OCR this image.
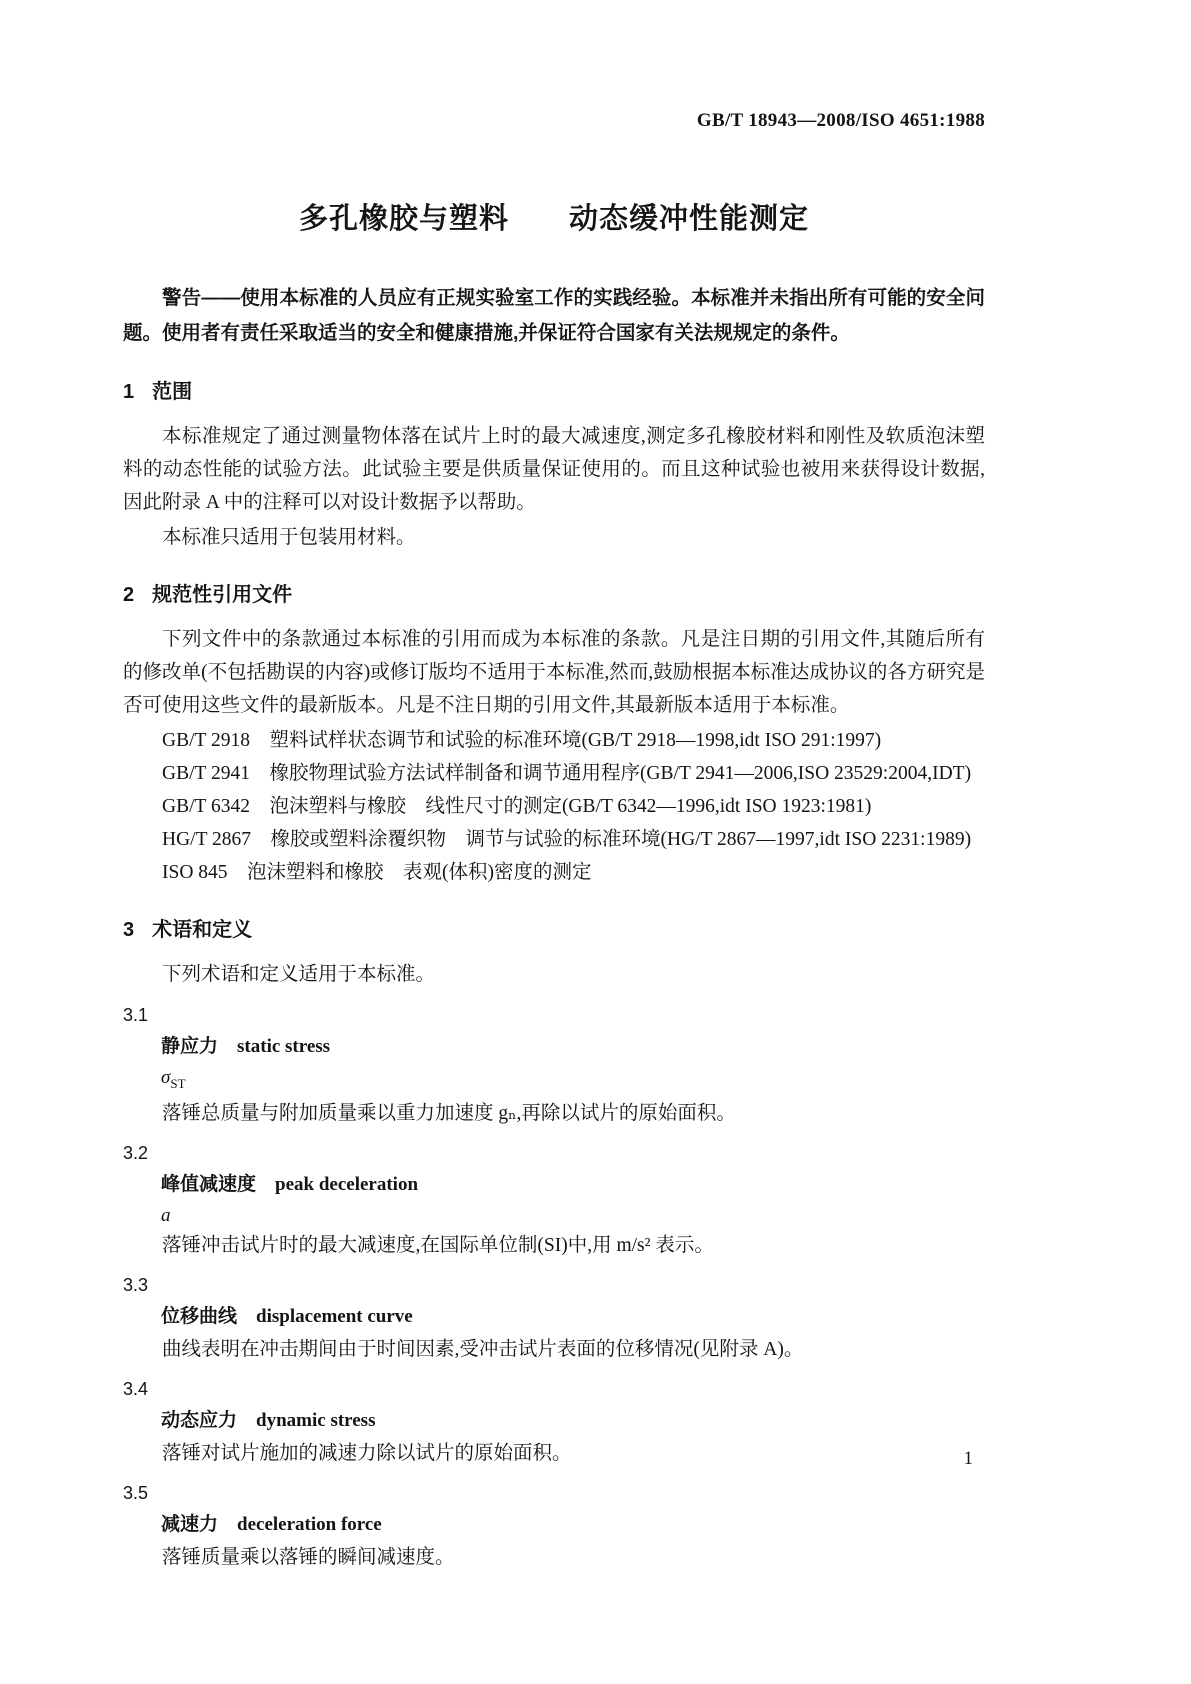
GB/T 18943—2008/ISO 4651:1988
多孔橡胶与塑料　　动态缓冲性能测定

警告——使用本标准的人员应有正规实验室工作的实践经验。本标准并未指出所有可能的安全问题。使用者有责任采取适当的安全和健康措施,并保证符合国家有关法规规定的条件。

1 范围

本标准规定了通过测量物体落在试片上时的最大减速度,测定多孔橡胶材料和刚性及软质泡沫塑料的动态性能的试验方法。此试验主要是供质量保证使用的。而且这种试验也被用来获得设计数据,因此附录 A 中的注释可以对设计数据予以帮助。

本标准只适用于包装用材料。

2 规范性引用文件

下列文件中的条款通过本标准的引用而成为本标准的条款。凡是注日期的引用文件,其随后所有的修改单(不包括勘误的内容)或修订版均不适用于本标准,然而,鼓励根据本标准达成协议的各方研究是否可使用这些文件的最新版本。凡是不注日期的引用文件,其最新版本适用于本标准。

GB/T 2918　塑料试样状态调节和试验的标准环境(GB/T 2918—1998,idt ISO 291:1997)

GB/T 2941　橡胶物理试验方法试样制备和调节通用程序(GB/T 2941—2006,ISO 23529:2004,IDT)

GB/T 6342　泡沫塑料与橡胶　线性尺寸的测定(GB/T 6342—1996,idt ISO 1923:1981)

HG/T 2867　橡胶或塑料涂覆织物　调节与试验的标准环境(HG/T 2867—1997,idt ISO 2231:1989)

ISO 845　泡沫塑料和橡胶　表观(体积)密度的测定

3 术语和定义

下列术语和定义适用于本标准。

3.1
静应力 static stress
$\sigma_{ST}$

落锤总质量与附加质量乘以重力加速度 gₙ,再除以试片的原始面积。

3.2
峰值减速度 peak deceleration
a

落锤冲击试片时的最大减速度,在国际单位制(SI)中,用 m/s² 表示。

3.3
位移曲线 displacement curve

曲线表明在冲击期间由于时间因素,受冲击试片表面的位移情况(见附录 A)。

3.4
动态应力 dynamic stress

落锤对试片施加的减速力除以试片的原始面积。

3.5
减速力 deceleration force

落锤质量乘以落锤的瞬间减速度。

1
